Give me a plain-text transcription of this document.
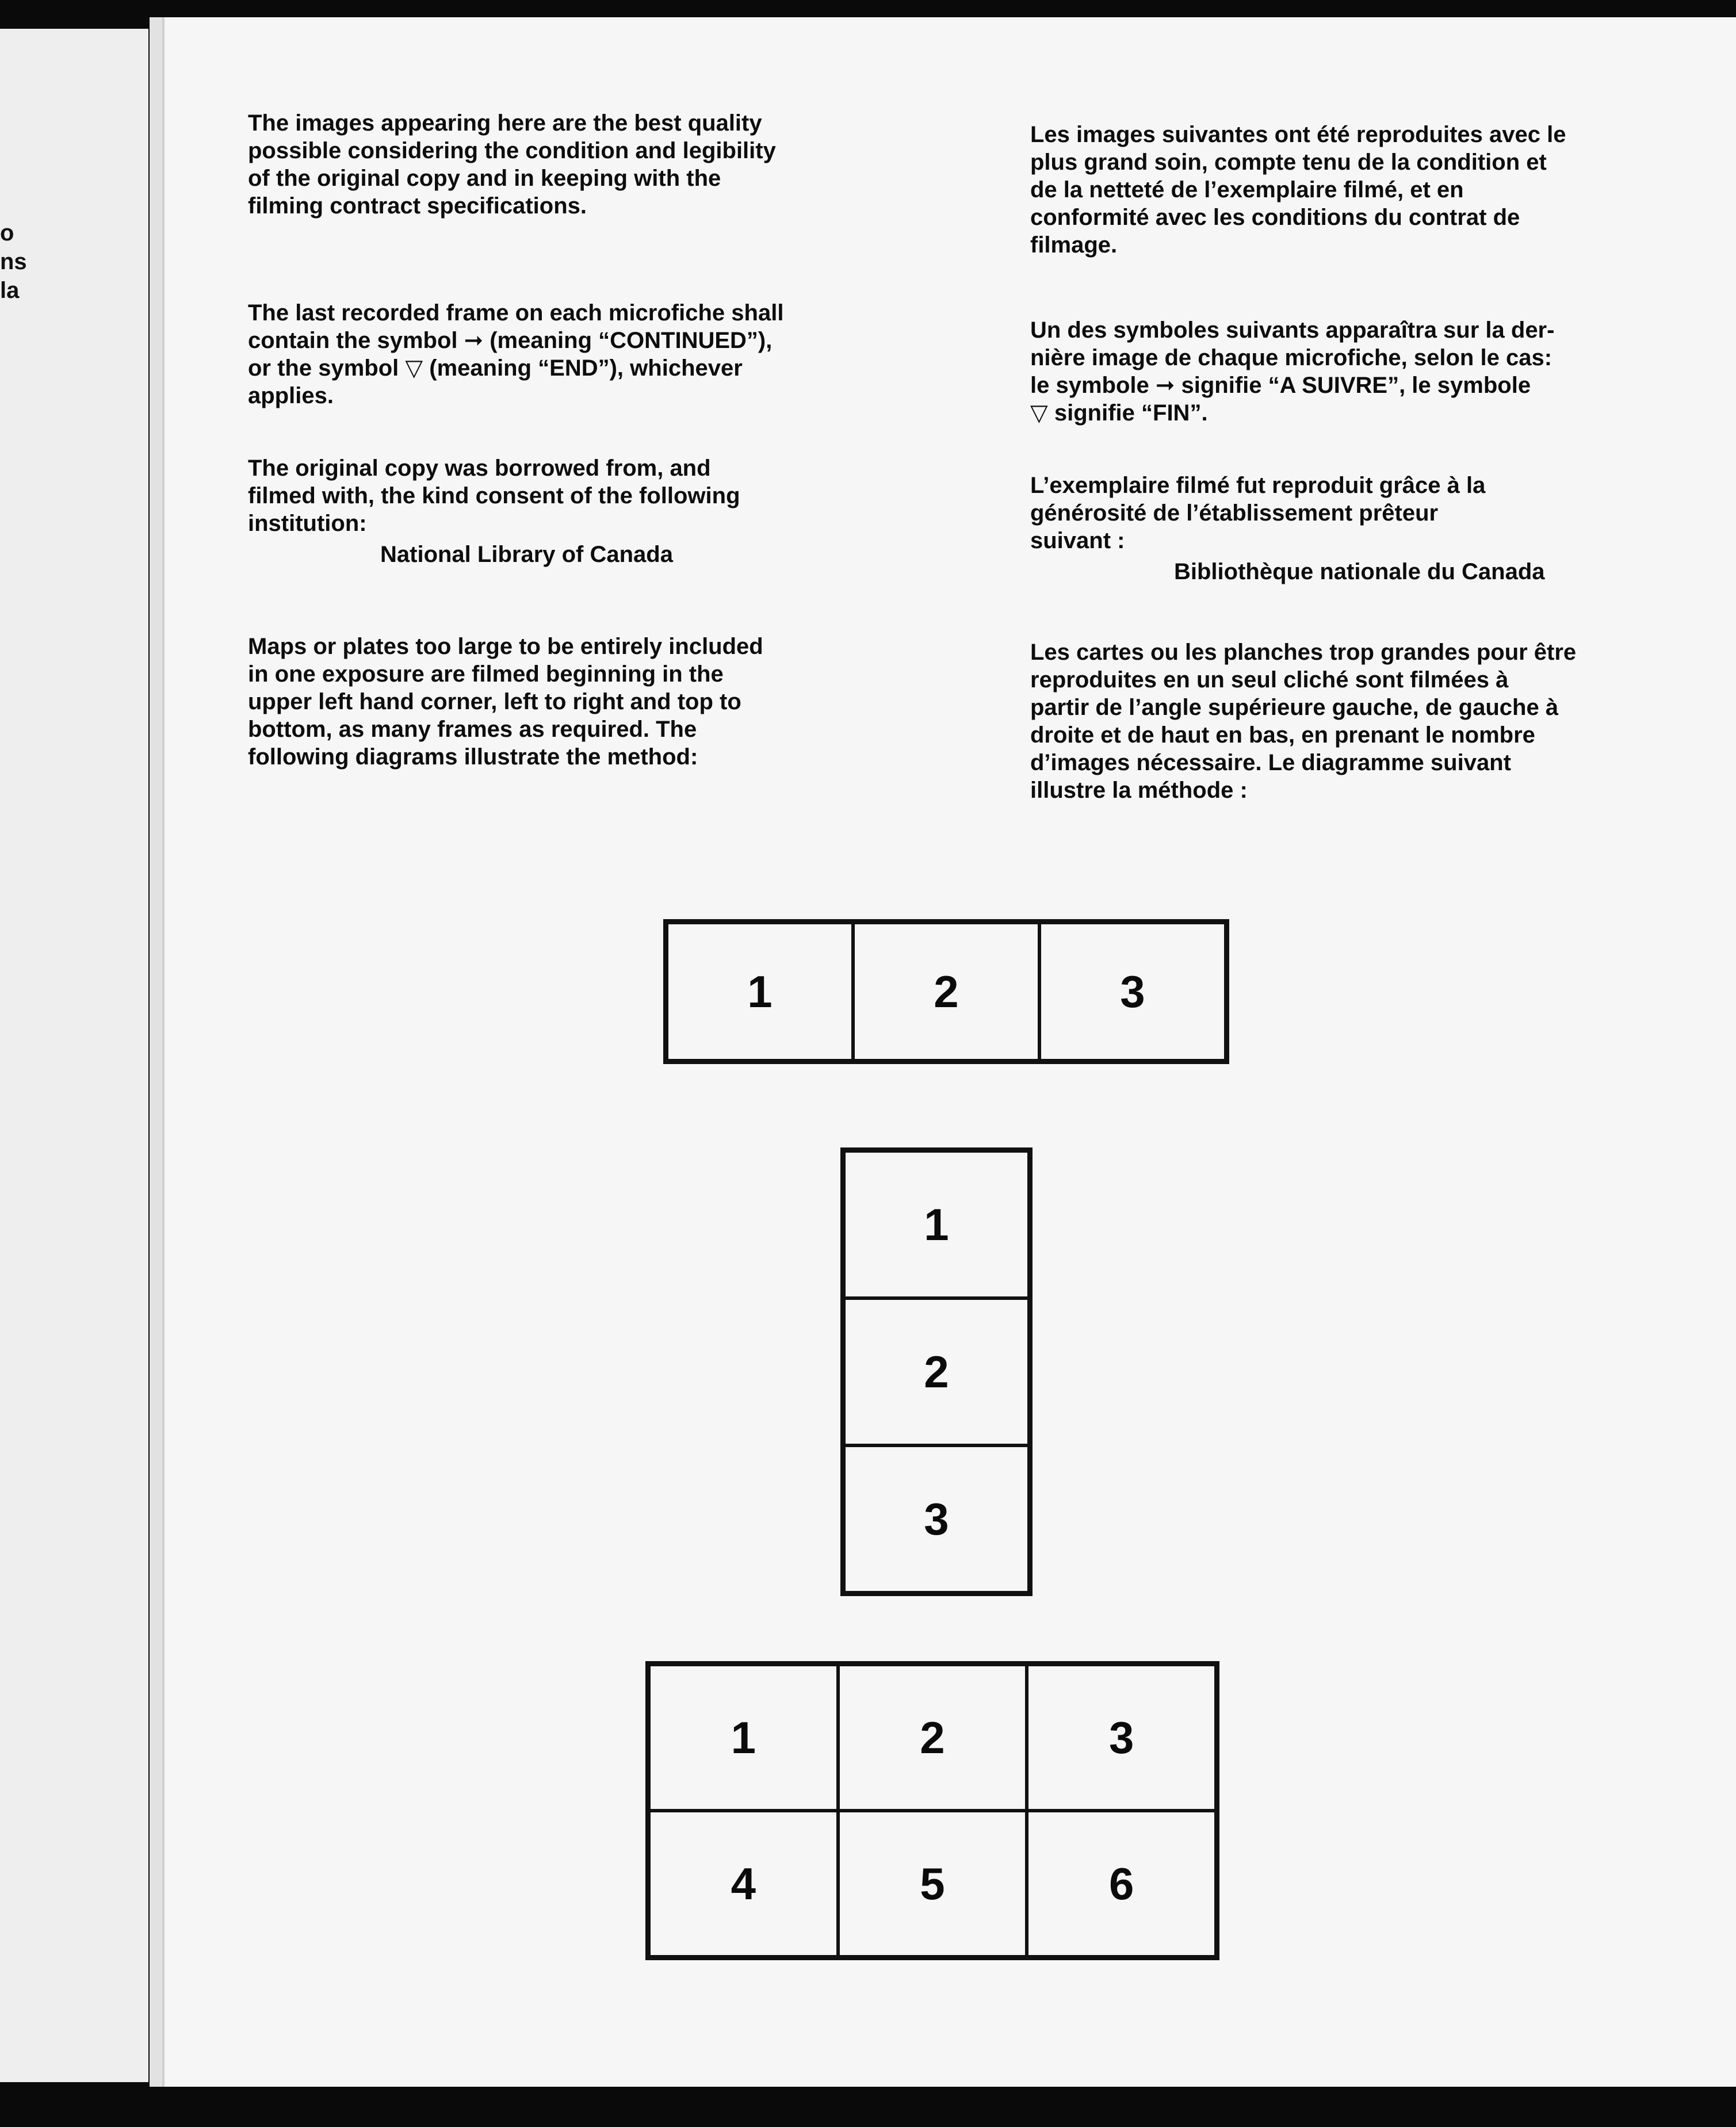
o
ns
la

The images appearing here are the best quality

possible considering the condition and legibility

of the original copy and in keeping with the

filming contract specifications.

The last recorded frame on each microfiche shall

contain the symbol ➞ (meaning “CONTINUED”),

or the symbol ▽ (meaning “END”), whichever

applies.

The original copy was borrowed from, and

filmed with, the kind consent of the following

institution:

National Library of Canada

Maps or plates too large to be entirely included

in one exposure are filmed beginning in the

upper left hand corner, left to right and top to

bottom, as many frames as required. The

following diagrams illustrate the method:

Les images suivantes ont été reproduites avec le

plus grand soin, compte tenu de la condition et

de la netteté de l’exemplaire filmé, et en

conformité avec les conditions du contrat de

filmage.

Un des symboles suivants apparaîtra sur la der-

nière image de chaque microfiche, selon le cas:

le symbole ➞ signifie “A SUIVRE”, le symbole

▽ signifie “FIN”.

L’exemplaire filmé fut reproduit grâce à la

générosité de l’établissement prêteur

suivant :

Bibliothèque nationale du Canada

Les cartes ou les planches trop grandes pour être

reproduites en un seul cliché sont filmées à

partir de l’angle supérieure gauche, de gauche à

droite et de haut en bas, en prenant le nombre

d’images nécessaire. Le diagramme suivant

illustre la méthode :

1	2	3
1
2
3
1	2	3
4	5	6
